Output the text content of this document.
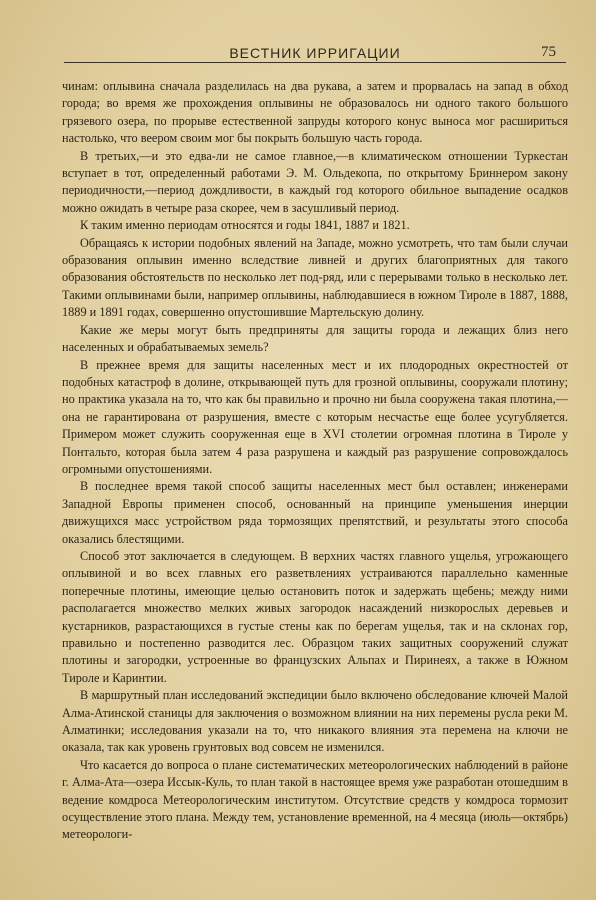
ВЕСТНИК ИРРИГАЦИИ	75

чинам: оплывина сначала разделилась на два рукава, а затем и прорвалась на запад в обход города; во время же прохождения оплывины не образовалось ни одного такого большого грязевого озера, по прорыве естественной запруды которого конус выноса мог расшириться настолько, что веером своим мог бы покрыть большую часть города.

В третьих,—и это едва-ли не самое главное,—в климатическом отношении Туркестан вступает в тот, определенный работами Э. М. Ольдекопа, по открытому Бриннером закону периодичности,—период дождливости, в каждый год которого обильное выпадение осадков можно ожидать в четыре раза скорее, чем в засушливый период.

К таким именно периодам относятся и годы 1841, 1887 и 1821.

Обращаясь к истории подобных явлений на Западе, можно усмотреть, что там были случаи образования оплывин именно вследствие ливней и других благоприятных для такого образования обстоятельств по несколько лет под-ряд, или с перерывами только в несколько лет. Такими оплывинами были, например оплывины, наблюдавшиеся в южном Тироле в 1887, 1888, 1889 и 1891 годах, совершенно опустошившие Мартельскую долину.

Какие же меры могут быть предприняты для защиты города и лежащих близ него населенных и обрабатываемых земель?

В прежнее время для защиты населенных мест и их плодородных окрестностей от подобных катастроф в долине, открывающей путь для грозной оплывины, сооружали плотину; но практика указала на то, что как бы правильно и прочно ни была сооружена такая плотина,—она не гарантирована от разрушения, вместе с которым несчастье еще более усугубляется. Примером может служить сооруженная еще в XVI столетии огромная плотина в Тироле у Понтальто, которая была затем 4 раза разрушена и каждый раз разрушение сопровождалось огромными опустошениями.

В последнее время такой способ защиты населенных мест был оставлен; инженерами Западной Европы применен способ, основанный на принципе уменьшения инерции движущихся масс устройством ряда тормозящих препятствий, и результаты этого способа оказались блестящими.

Способ этот заключается в следующем. В верхних частях главного ущелья, угрожающего оплывиной и во всех главных его разветвлениях устраиваются параллельно каменные поперечные плотины, имеющие целью остановить поток и задержать щебень; между ними располагается множество мелких живых загородок насаждений низкорослых деревьев и кустарников, разрастающихся в густые стены как по берегам ущелья, так и на склонах гор, правильно и постепенно разводится лес. Образцом таких защитных сооружений служат плотины и загородки, устроенные во французских Альпах и Пиринеях, а также в Южном Тироле и Каринтии.

В маршрутный план исследований экспедиции было включено обследование ключей Малой Алма-Атинской станицы для заключения о возможном влиянии на них перемены русла реки М. Алматинки; исследования указали на то, что никакого влияния эта перемена на ключи не оказала, так как уровень грунтовых вод совсем не изменился.

Что касается до вопроса о плане систематических метеорологических наблюдений в районе г. Алма-Ата—озера Иссык-Куль, то план такой в настоящее время уже разработан отошедшим в ведение комдроса Метеорологическим институтом. Отсутствие средств у комдроса тормозит осуществление этого плана. Между тем, установление временной, на 4 месяца (июль—октябрь) метеорологи-
